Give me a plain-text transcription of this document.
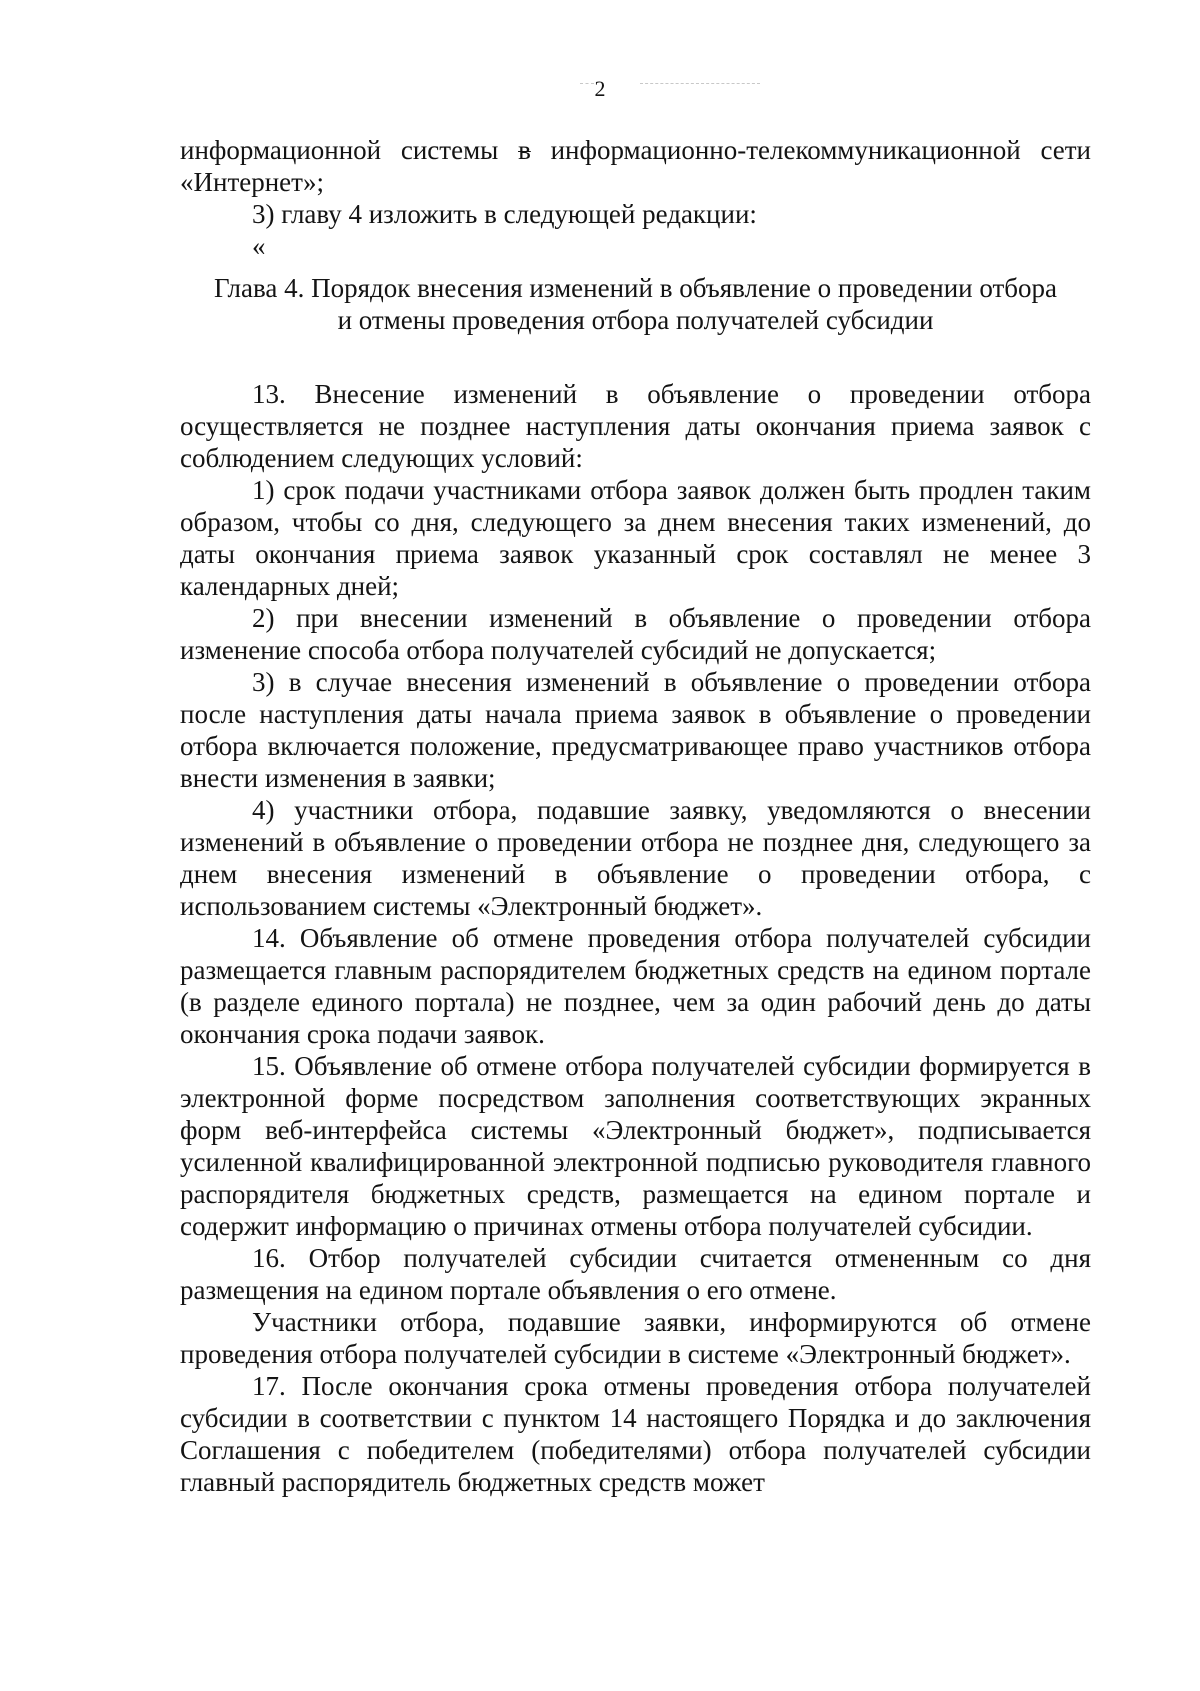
2

информационной системы в информационно-телекоммуникационной сети «Интернет»;

3) главу 4 изложить в следующей редакции:

«

Глава 4. Порядок внесения изменений в объявление о проведении отбора
и отмены проведения отбора получателей субсидии

13. Внесение изменений в объявление о проведении отбора осуществляется не позднее наступления даты окончания приема заявок с соблюдением следующих условий:

1) срок подачи участниками отбора заявок должен быть продлен таким образом, чтобы со дня, следующего за днем внесения таких изменений, до даты окончания приема заявок указанный срок составлял не менее 3 календарных дней;

2) при внесении изменений в объявление о проведении отбора изменение способа отбора получателей субсидий не допускается;

3) в случае внесения изменений в объявление о проведении отбора после наступления даты начала приема заявок в объявление о проведении отбора включается положение, предусматривающее право участников отбора внести изменения в заявки;

4) участники отбора, подавшие заявку, уведомляются о внесении изменений в объявление о проведении отбора не позднее дня, следующего за днем внесения изменений в объявление о проведении отбора, с использованием системы «Электронный бюджет».

14. Объявление об отмене проведения отбора получателей субсидии размещается главным распорядителем бюджетных средств на едином портале (в разделе единого портала) не позднее, чем за один рабочий день до даты окончания срока подачи заявок.

15. Объявление об отмене отбора получателей субсидии формируется в электронной форме посредством заполнения соответствующих экранных форм веб-интерфейса системы «Электронный бюджет», подписывается усиленной квалифицированной электронной подписью руководителя главного распорядителя бюджетных средств, размещается на едином портале и содержит информацию о причинах отмены отбора получателей субсидии.

16. Отбор получателей субсидии считается отмененным со дня размещения на едином портале объявления о его отмене.

Участники отбора, подавшие заявки, информируются об отмене проведения отбора получателей субсидии в системе «Электронный бюджет».

17. После окончания срока отмены проведения отбора получателей субсидии в соответствии с пунктом 14 настоящего Порядка и до заключения Соглашения с победителем (победителями) отбора получателей субсидии главный распорядитель бюджетных средств может
